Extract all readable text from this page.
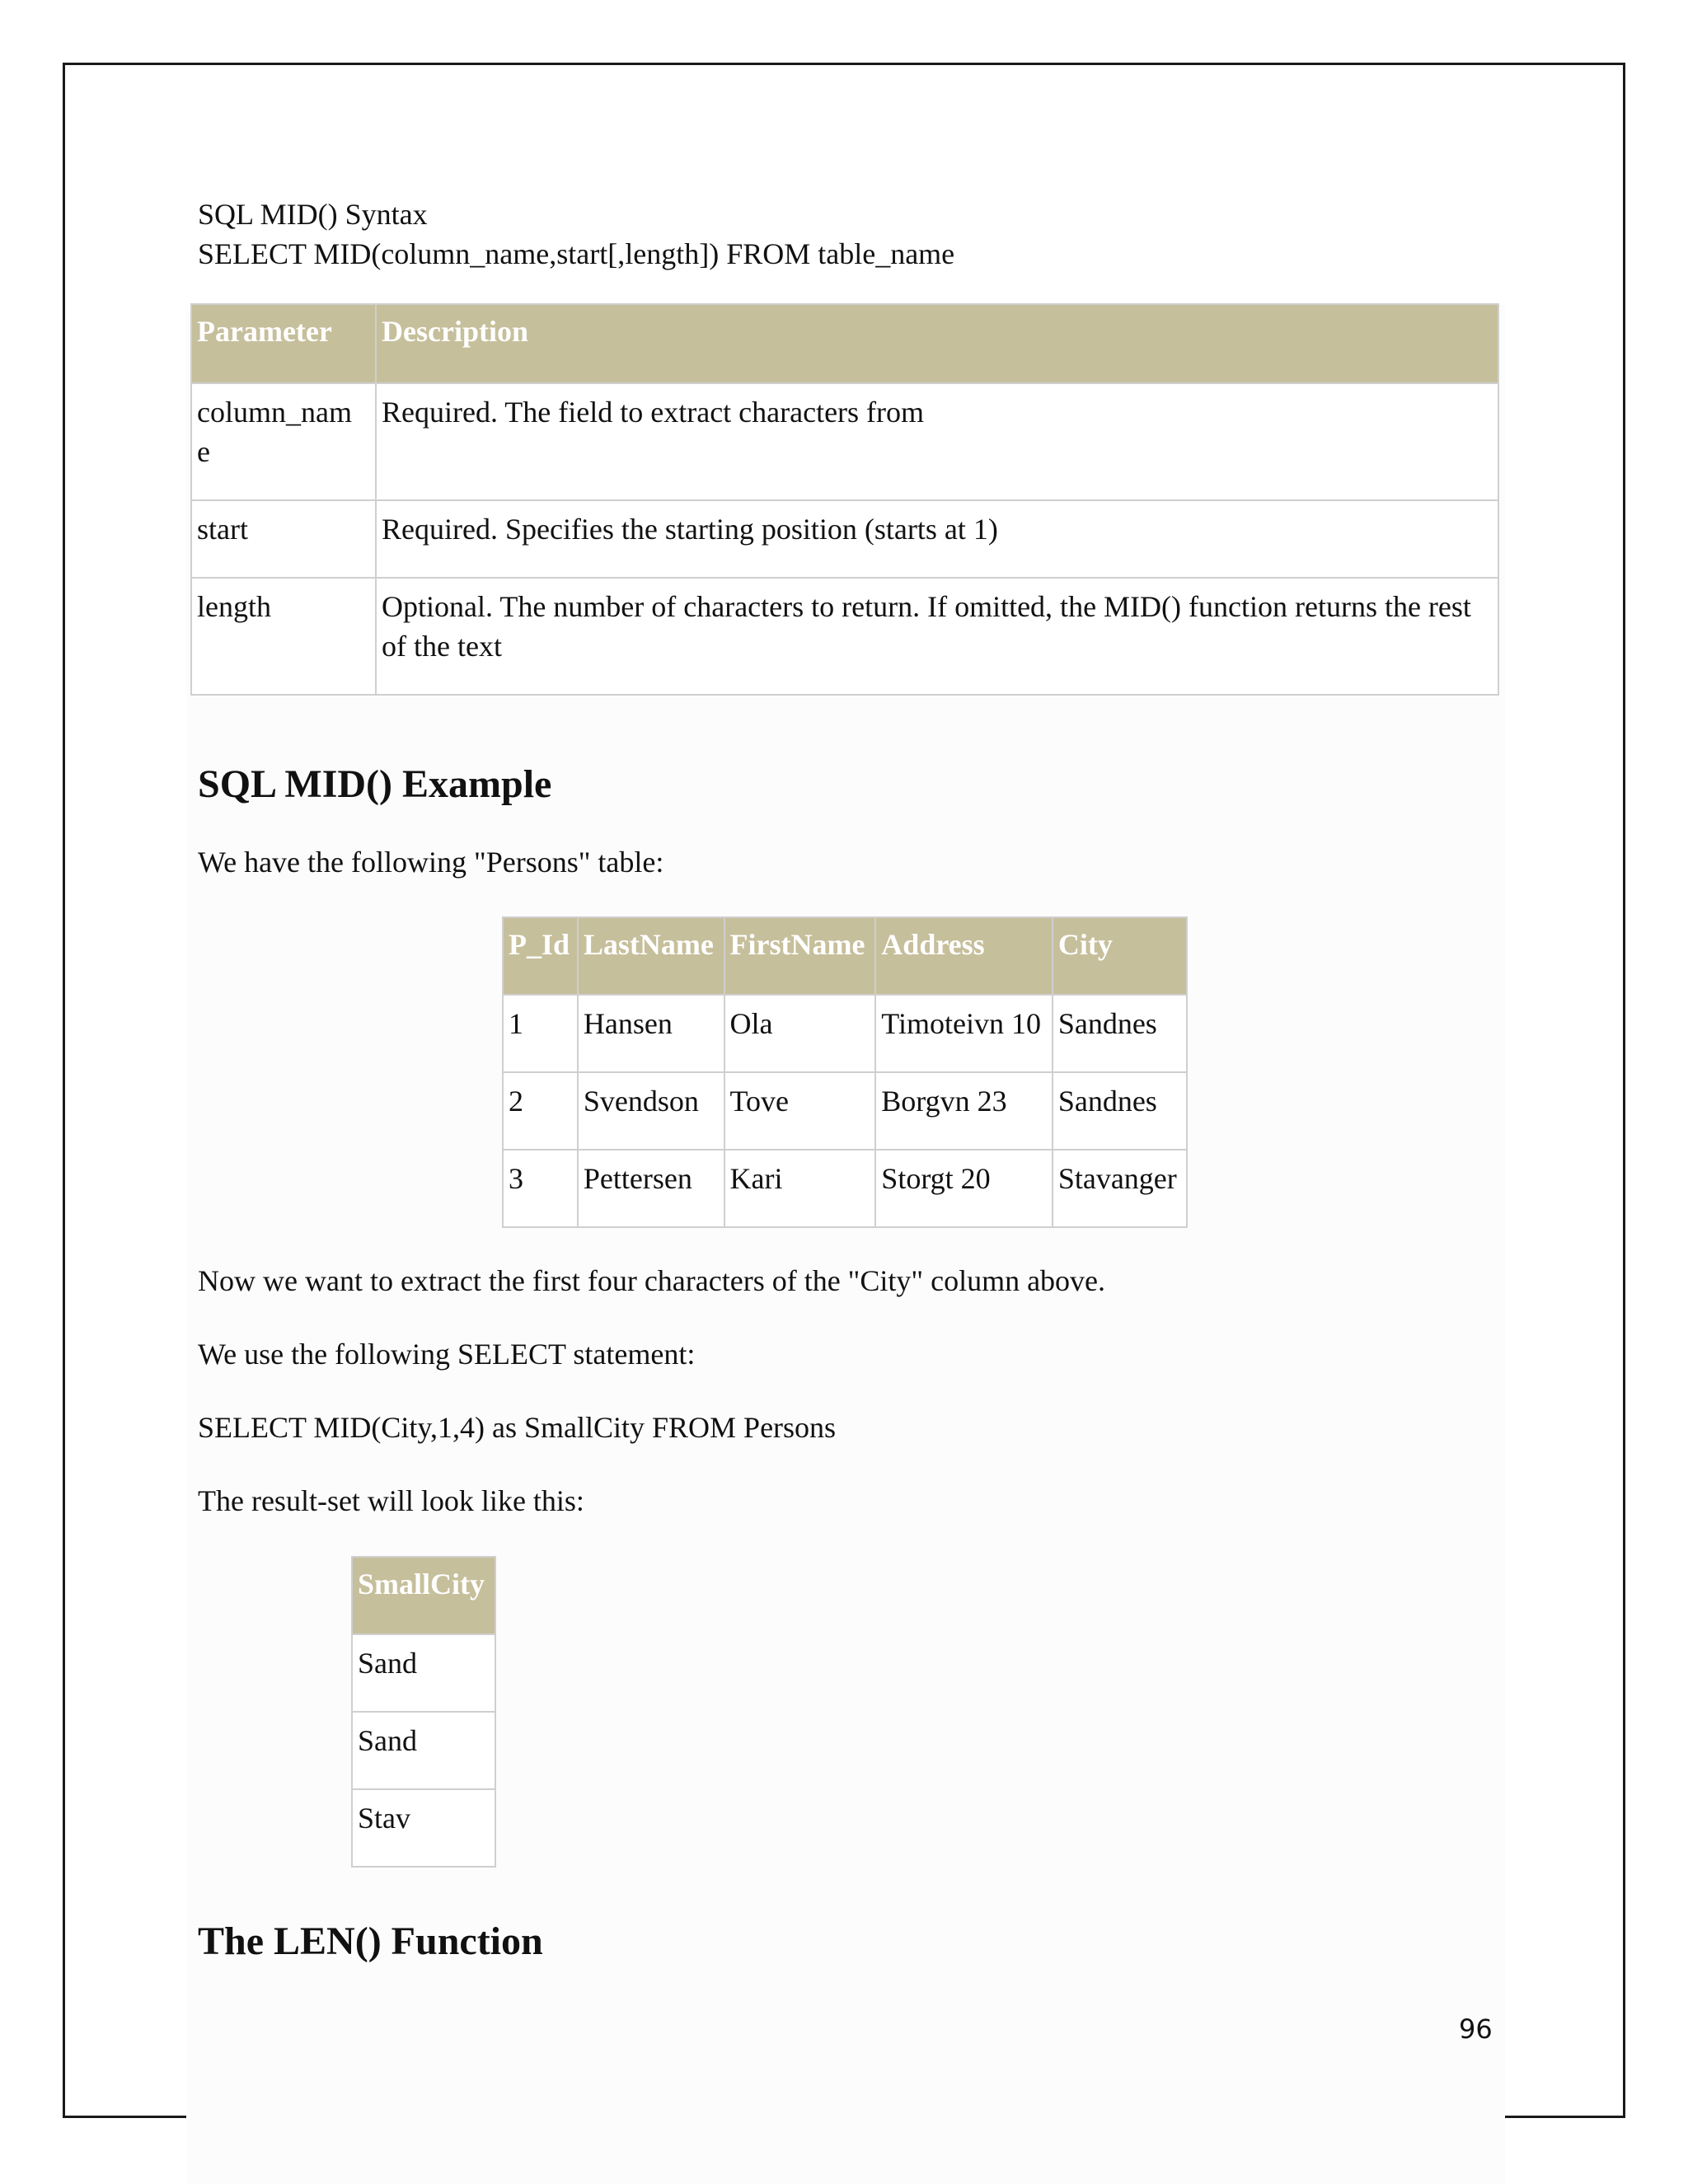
SQL MID() Syntax
SELECT MID(column_name,start[,length]) FROM table_name
Parameter	Description
column_nam e	Required. The field to extract characters from
start	Required. Specifies the starting position (starts at 1)
length	Optional. The number of characters to return. If omitted, the MID() function returns the rest of the text
SQL MID() Example

We have the following "Persons" table:

P_Id	LastName	FirstName	Address	City
1	Hansen	Ola	Timoteivn 10	Sandnes
2	Svendson	Tove	Borgvn 23	Sandnes
3	Pettersen	Kari	Storgt 20	Stavanger

Now we want to extract the first four characters of the "City" column above.

We use the following SELECT statement:

SELECT MID(City,1,4) as SmallCity FROM Persons

The result-set will look like this:

SmallCity
Sand
Sand
Stav
The LEN() Function
96
